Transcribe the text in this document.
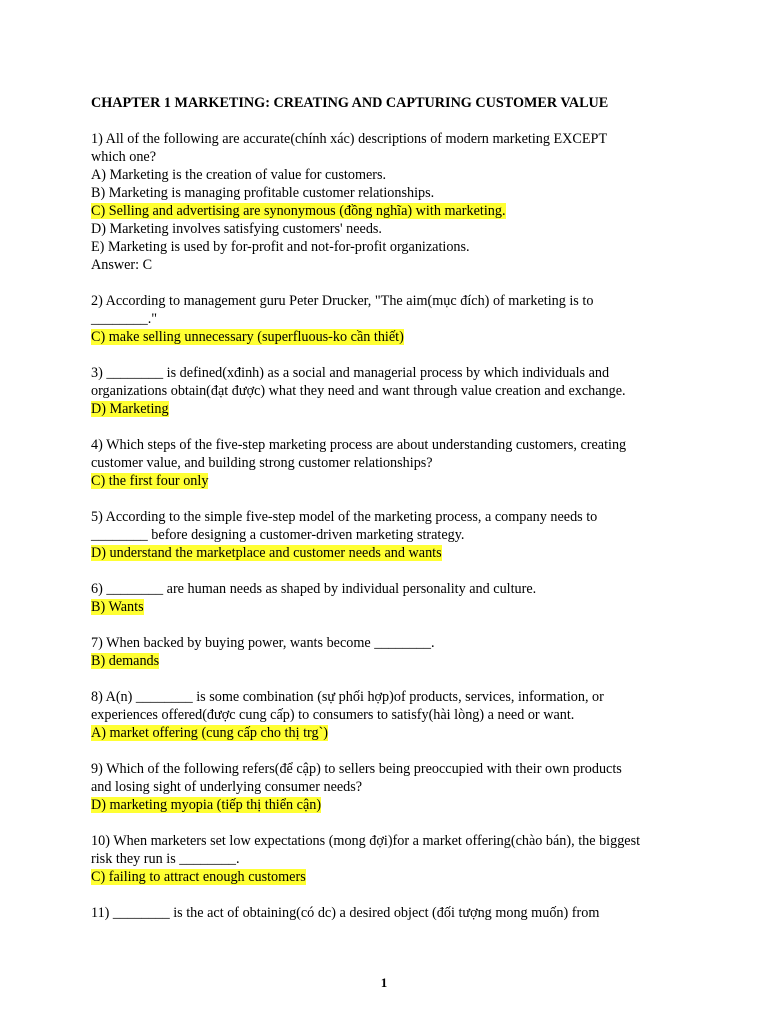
CHAPTER 1 MARKETING: CREATING AND CAPTURING CUSTOMER VALUE
1) All of the following are accurate(chính xác) descriptions of modern marketing EXCEPT
which one?
A) Marketing is the creation of value for customers.
B) Marketing is managing profitable customer relationships.
C) Selling and advertising are synonymous (đồng nghĩa) with marketing.
D) Marketing involves satisfying customers' needs.
E) Marketing is used by for-profit and not-for-profit organizations.
Answer: C
2) According to management guru Peter Drucker, "The aim(mục đích) of marketing is to
________."
C) make selling unnecessary (superfluous-ko cần thiết)
3) ________ is defined(xđinh) as a social and managerial process by which individuals and
organizations obtain(đạt được) what they need and want through value creation and exchange.
D) Marketing
4) Which steps of the five-step marketing process are about understanding customers, creating
customer value, and building strong customer relationships?
C) the first four only
5) According to the simple five-step model of the marketing process, a company needs to
________ before designing a customer-driven marketing strategy.
D) understand the marketplace and customer needs and wants
6) ________ are human needs as shaped by individual personality and culture.
B) Wants
7) When backed by buying power, wants become ________.
B) demands
8) A(n) ________ is some combination (sự phối hợp)of products, services, information, or
experiences offered(được cung cấp) to consumers to satisfy(hài lòng) a need or want.
A) market offering (cung cấp cho thị trg`)
9) Which of the following refers(để cập) to sellers being preoccupied with their own products
and losing sight of underlying consumer needs?
D) marketing myopia (tiếp thị thiển cận)
10) When marketers set low expectations (mong đợi)for a market offering(chào bán), the biggest
risk they run is ________.
C) failing to attract enough customers
11) ________ is the act of obtaining(có dc) a desired object (đối tượng mong muốn) from
1
